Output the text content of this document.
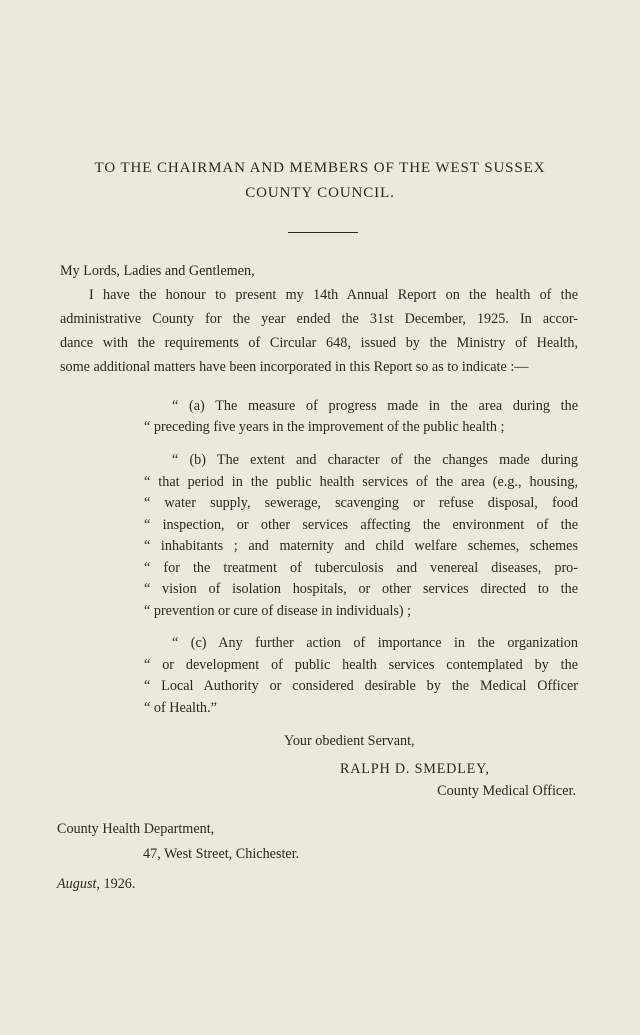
TO THE CHAIRMAN AND MEMBERS OF THE WEST SUSSEX
COUNTY COUNCIL.
My Lords, Ladies and Gentlemen,
I have the honour to present my 14th Annual Report on the health of the
administrative County for the year ended the 31st December, 1925. In accor-
dance with the requirements of Circular 648, issued by the Ministry of Health,
some additional matters have been incorporated in this Report so as to indicate :—
“ (a) The measure of progress made in the area during the
“ preceding five years in the improvement of the public health ;
“ (b) The extent and character of the changes made during
“ that period in the public health services of the area (e.g., housing,
“ water supply, sewerage, scavenging or refuse disposal, food
“ inspection, or other services affecting the environment of the
“ inhabitants ; and maternity and child welfare schemes, schemes
“ for the treatment of tuberculosis and venereal diseases, pro-
“ vision of isolation hospitals, or other services directed to the
“ prevention or cure of disease in individuals) ;
“ (c) Any further action of importance in the organization
“ or development of public health services contemplated by the
“ Local Authority or considered desirable by the Medical Officer
“ of Health.”
Your obedient Servant,
RALPH D. SMEDLEY,
County Medical Officer.
County Health Department,
47, West Street, Chichester.
August, 1926.
